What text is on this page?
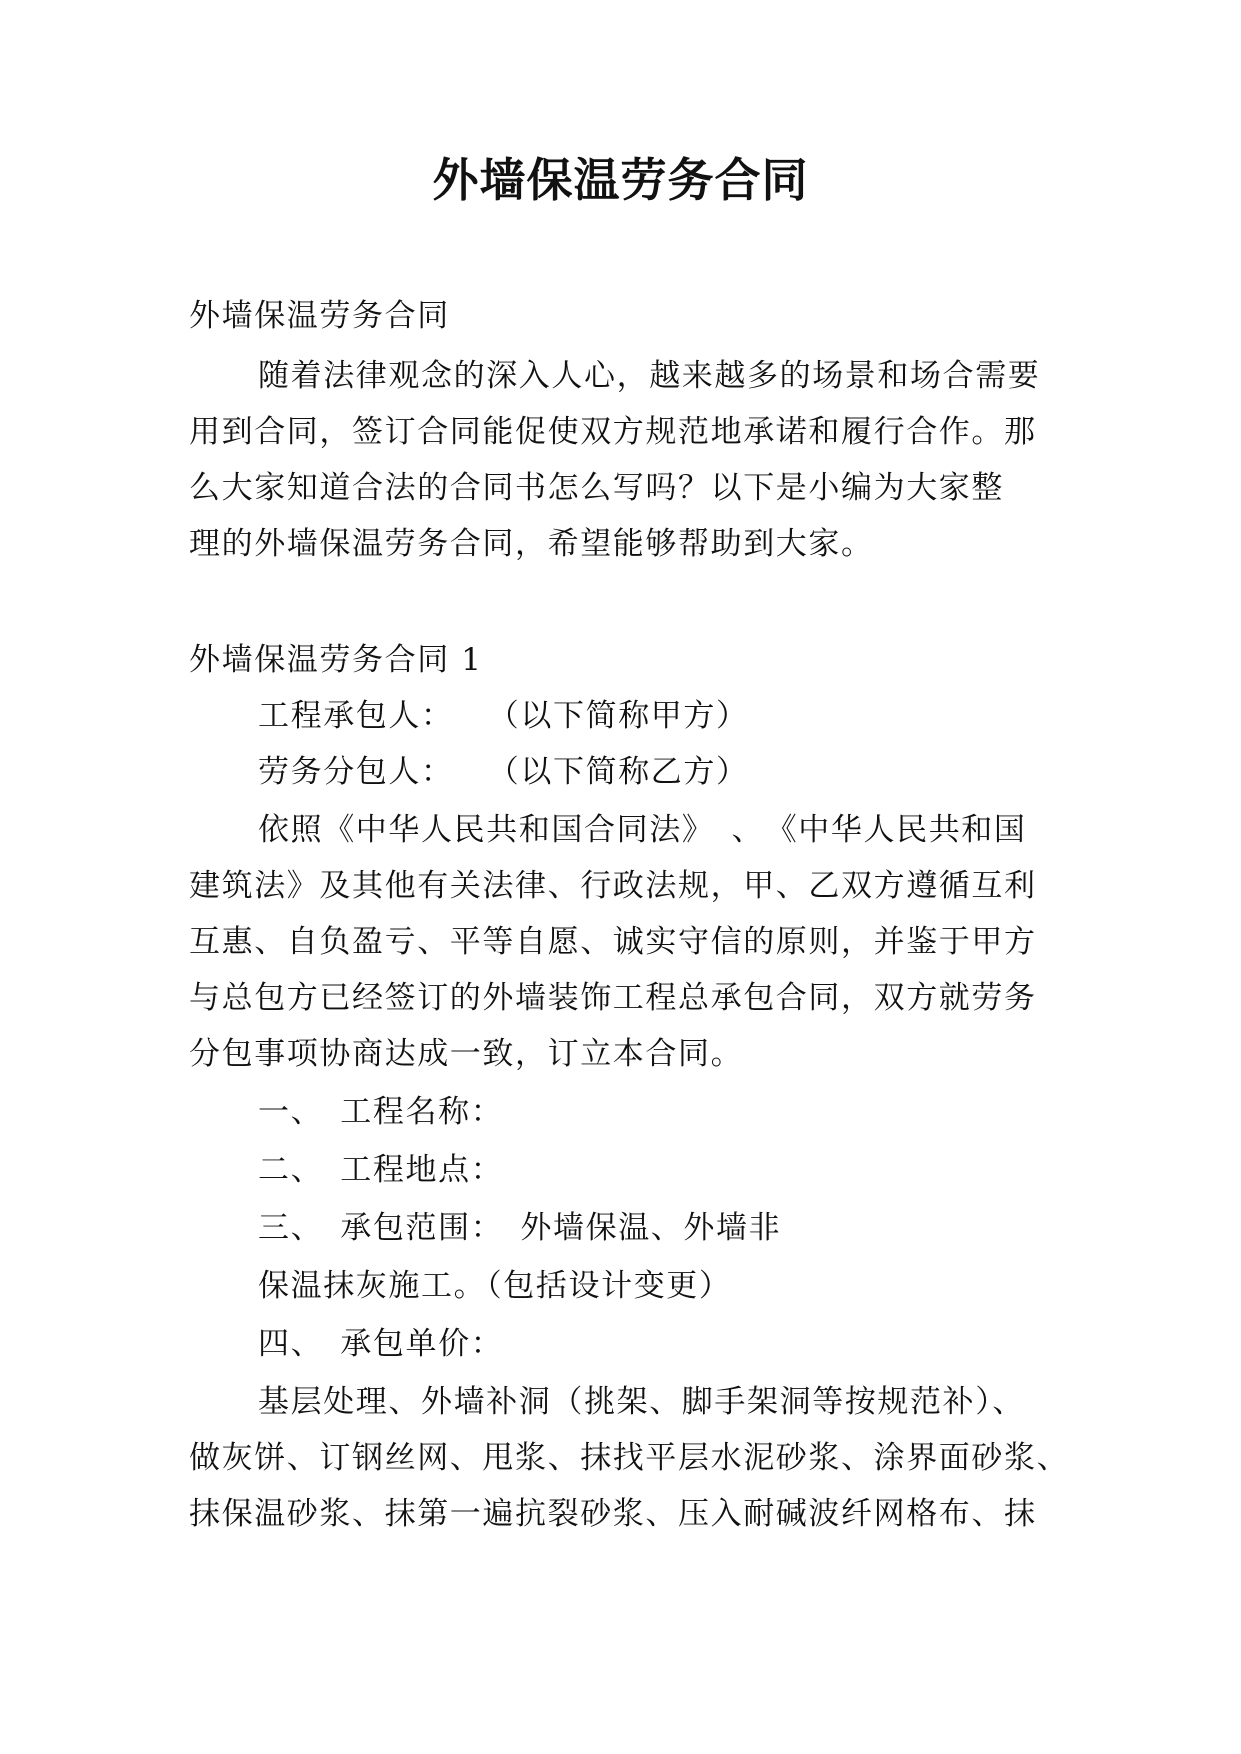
外墙保温劳务合同
外墙保温劳务合同
随着法律观念的深入人心，越来越多的场景和场合需要
用到合同，签订合同能促使双方规范地承诺和履行合作。那
么大家知道合法的合同书怎么写吗？以下是小编为大家整
理的外墙保温劳务合同，希望能够帮助到大家。
外墙保温劳务合同 1
工程承包人：　　（以下简称甲方）
劳务分包人：　　（以下简称乙方）
依照《中华人民共和国合同法》　、　《中华人民共和国
建筑法》及其他有关法律、行政法规，甲、乙双方遵循互利
互惠、自负盈亏、平等自愿、诚实守信的原则，并鉴于甲方
与总包方已经签订的外墙装饰工程总承包合同，双方就劳务
分包事项协商达成一致，订立本合同。
一、　工程名称：
二、　工程地点：
三、　承包范围：　外墙保温、外墙非
保温抹灰施工。（包括设计变更）
四、　承包单价：
基层处理、外墙补洞（挑架、脚手架洞等按规范补）、
做灰饼、订钢丝网、甩浆、抹找平层水泥砂浆、涂界面砂浆、
抹保温砂浆、抹第一遍抗裂砂浆、压入耐碱波纤网格布、抹
